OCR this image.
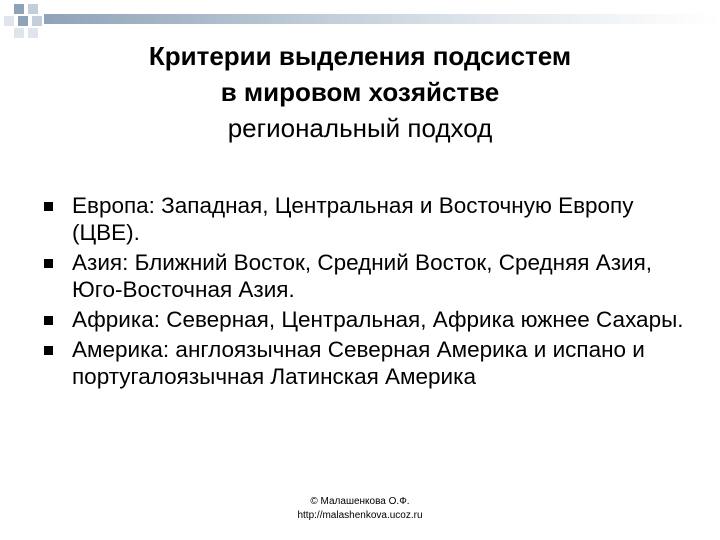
Критерии выделения подсистем

в мировом хозяйстве

региональный подход

Европа: Западная, Центральная и Восточную Европу (ЦВЕ).
Азия: Ближний Восток, Средний Восток, Средняя Азия, Юго-Восточная Азия.
Африка: Северная, Центральная, Африка южнее Сахары.
Америка: англоязычная Северная Америка и испано и португалоязычная Латинская Америка
© Малашенкова О.Ф.
http://malashenkova.ucoz.ru
